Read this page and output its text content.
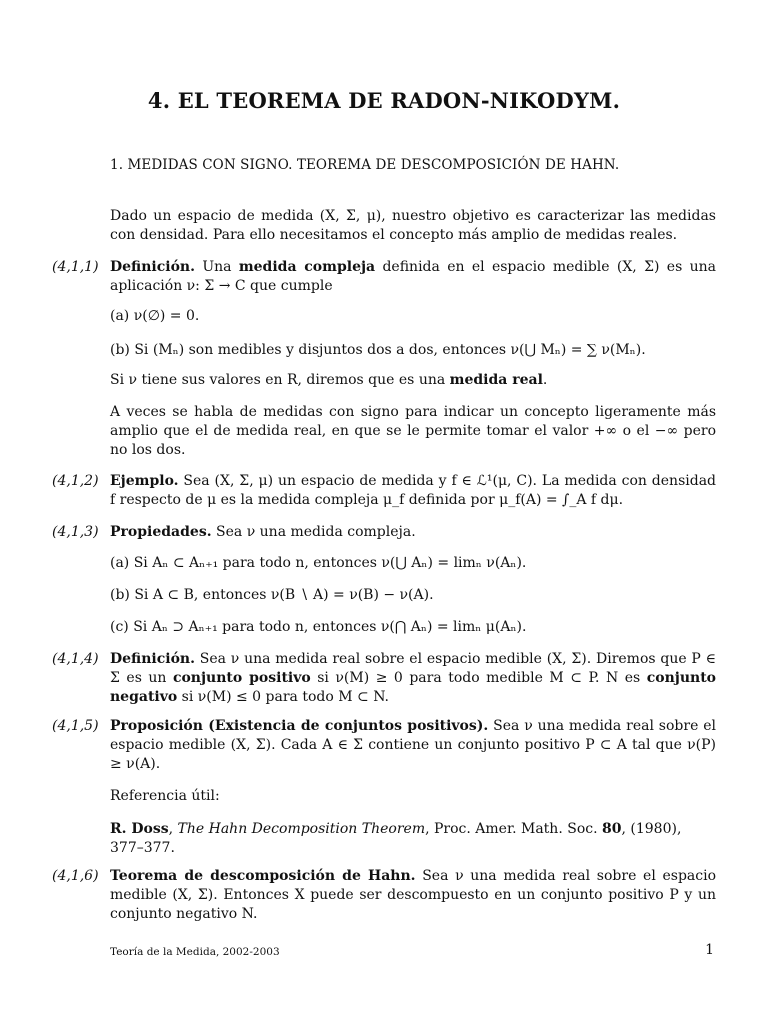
4. EL TEOREMA DE RADON-NIKODYM.
1. MEDIDAS CON SIGNO. TEOREMA DE DESCOMPOSICIÓN DE HAHN.
Dado un espacio de medida (X, Σ, μ), nuestro objetivo es caracterizar las medidas con densidad. Para ello necesitamos el concepto más amplio de medidas reales.
(4,1,1) Definición. Una medida compleja definida en el espacio medible (X, Σ) es una aplicación ν: Σ → C que cumple
(a) ν(∅) = 0.
(b) Si (Mₙ) son medibles y disjuntos dos a dos, entonces ν(⋃ Mₙ) = ∑ ν(Mₙ).
Si ν tiene sus valores en R, diremos que es una medida real.
A veces se habla de medidas con signo para indicar un concepto ligeramente más amplio que el de medida real, en que se le permite tomar el valor +∞ o el −∞ pero no los dos.
(4,1,2) Ejemplo. Sea (X, Σ, μ) un espacio de medida y f ∈ ℒ¹(μ, C). La medida con densidad f respecto de μ es la medida compleja μ_f definida por μ_f(A) = ∫_A f dμ.
(4,1,3) Propiedades. Sea ν una medida compleja.
(a) Si Aₙ ⊂ Aₙ₊₁ para todo n, entonces ν(⋃ Aₙ) = limₙ ν(Aₙ).
(b) Si A ⊂ B, entonces ν(B ∖ A) = ν(B) − ν(A).
(c) Si Aₙ ⊃ Aₙ₊₁ para todo n, entonces ν(⋂ Aₙ) = limₙ μ(Aₙ).
(4,1,4) Definición. Sea ν una medida real sobre el espacio medible (X, Σ). Diremos que P ∈ Σ es un conjunto positivo si ν(M) ≥ 0 para todo medible M ⊂ P. N es conjunto negativo si ν(M) ≤ 0 para todo M ⊂ N.
(4,1,5) Proposición (Existencia de conjuntos positivos). Sea ν una medida real sobre el espacio medible (X, Σ). Cada A ∈ Σ contiene un conjunto positivo P ⊂ A tal que ν(P) ≥ ν(A).
Referencia útil:
R. Doss, The Hahn Decomposition Theorem, Proc. Amer. Math. Soc. 80, (1980), 377–377.
(4,1,6) Teorema de descomposición de Hahn. Sea ν una medida real sobre el espacio medible (X, Σ). Entonces X puede ser descompuesto en un conjunto positivo P y un conjunto negativo N.
Teoría de la Medida, 2002-2003	1
